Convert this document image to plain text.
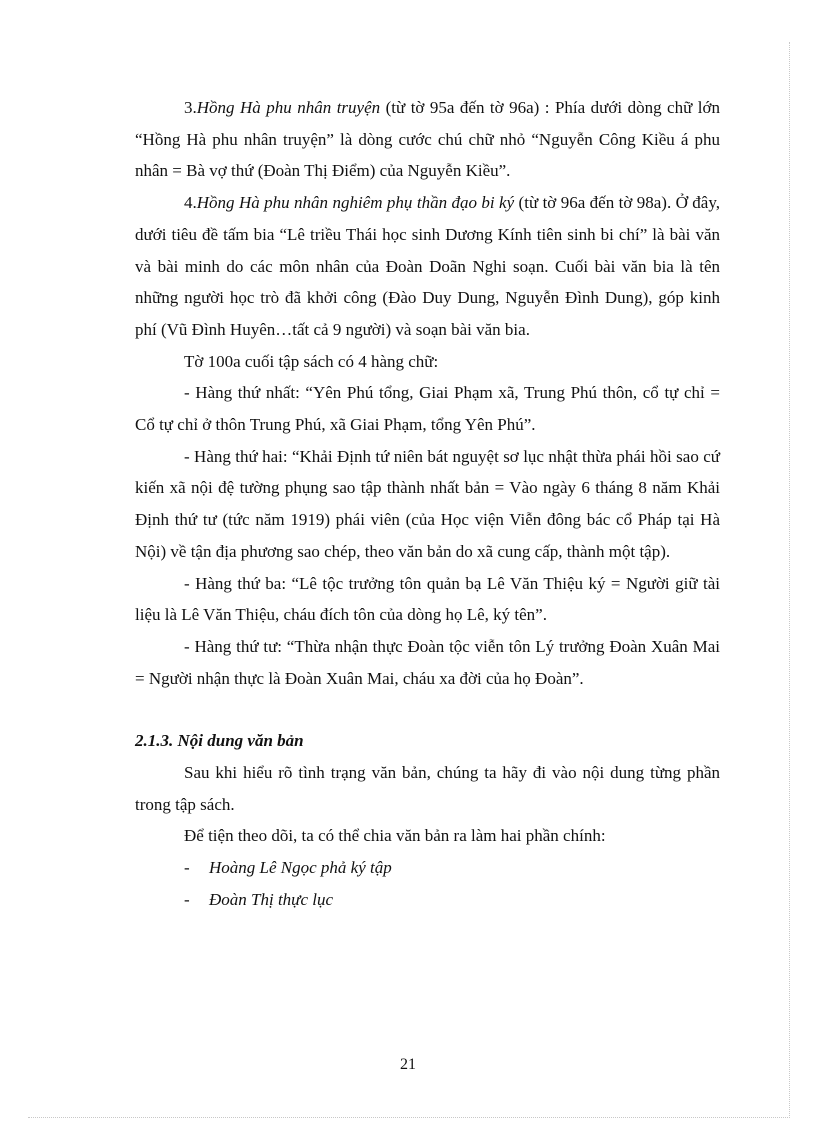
3.Hồng Hà phu nhân truyện (từ tờ 95a đến tờ 96a) : Phía dưới dòng chữ lớn “Hồng Hà phu nhân truyện” là dòng cước chú chữ nhỏ “Nguyễn Công Kiều á phu nhân = Bà vợ thứ (Đoàn Thị Điểm) của Nguyễn Kiều”.

4.Hồng Hà phu nhân nghiêm phụ thần đạo bi ký (từ tờ 96a đến tờ 98a). Ở đây, dưới tiêu đề tấm bia “Lê triều Thái học sinh Dương Kính tiên sinh bi chí” là bài văn và bài minh do các môn nhân của Đoàn Doãn Nghi soạn. Cuối bài văn bia là tên những người học trò đã khởi công (Đào Duy Dung, Nguyễn Đình Dung), góp kinh phí (Vũ Đình Huyên…tất cả 9 người) và soạn bài văn bia.

Tờ 100a cuối tập sách có 4 hàng chữ:

- Hàng thứ nhất: “Yên Phú tổng, Giai Phạm xã, Trung Phú thôn, cổ tự chỉ = Cổ tự chỉ ở thôn Trung Phú, xã Giai Phạm, tổng Yên Phú”.

- Hàng thứ hai: “Khải Định tứ niên bát nguyệt sơ lục nhật thừa phái hồi sao cứ kiến xã nội đệ tường phụng sao tập thành nhất bản = Vào ngày 6 tháng 8 năm Khải Định thứ tư (tức năm 1919) phái viên (của Học viện Viễn đông bác cổ Pháp tại Hà Nội) về tận địa phương sao chép, theo văn bản do xã cung cấp, thành một tập).

- Hàng thứ ba: “Lê tộc trưởng tôn quản bạ Lê Văn Thiệu ký = Người giữ tài liệu là Lê Văn Thiệu, cháu đích tôn của dòng họ Lê, ký tên”.

- Hàng thứ tư: “Thừa nhận thực Đoàn tộc viễn tôn Lý trưởng Đoàn Xuân Mai = Người nhận thực là Đoàn Xuân Mai, cháu xa đời của họ Đoàn”.

2.1.3. Nội dung văn bản

Sau khi hiểu rõ tình trạng văn bản, chúng ta hãy đi vào nội dung từng phần trong tập sách.

Để tiện theo dõi, ta có thể chia văn bản ra làm hai phần chính:

-	Hoàng Lê Ngọc phả ký tập
-	Đoàn Thị thực lục
21
